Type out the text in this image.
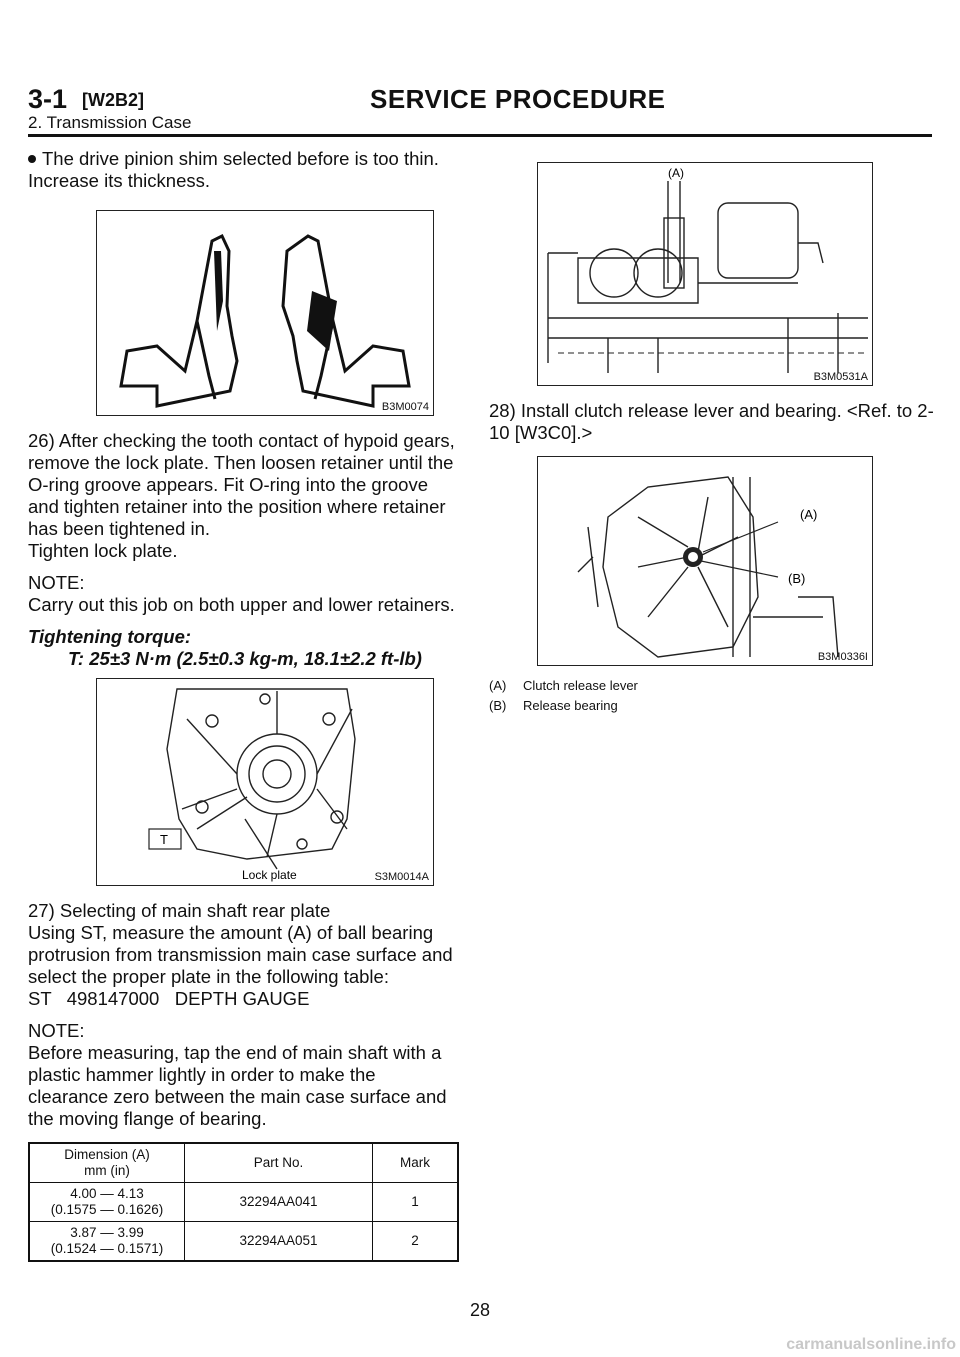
3-1 [W2B2]	SERVICE PROCEDURE
2. Transmission Case

The drive pinion shim selected before is too thin. Increase its thickness.

B3M0074

26) After checking the tooth contact of hypoid gears, remove the lock plate. Then loosen retainer until the O-ring groove appears. Fit O-ring into the groove and tighten retainer into the position where retainer has been tightened in.

Tighten lock plate.

NOTE:

Carry out this job on both upper and lower retainers.

Tightening torque:

T: 25±3 N·m (2.5±0.3 kg-m, 18.1±2.2 ft-lb)

T
Lock plate	S3M0014A

27) Selecting of main shaft rear plate

Using ST, measure the amount (A) of ball bearing protrusion from transmission main case surface and select the proper plate in the following table:

ST   498147000   DEPTH GAUGE

NOTE:

Before measuring, tap the end of main shaft with a plastic hammer lightly in order to make the clearance zero between the main case surface and the moving flange of bearing.

Dimension (A)
mm (in)	Part No.	Mark

4.00 — 4.13
(0.1575 — 0.1626)	32294AA041	1

3.87 — 3.99
(0.1524 — 0.1571)	32294AA051	2
(A)
B3M0531A

28) Install clutch release lever and bearing. <Ref. to 2-10 [W3C0].>

(A)
(B)
B3M0336I
(A) Clutch release lever
(B) Release bearing
28
carmanualsonline.info
